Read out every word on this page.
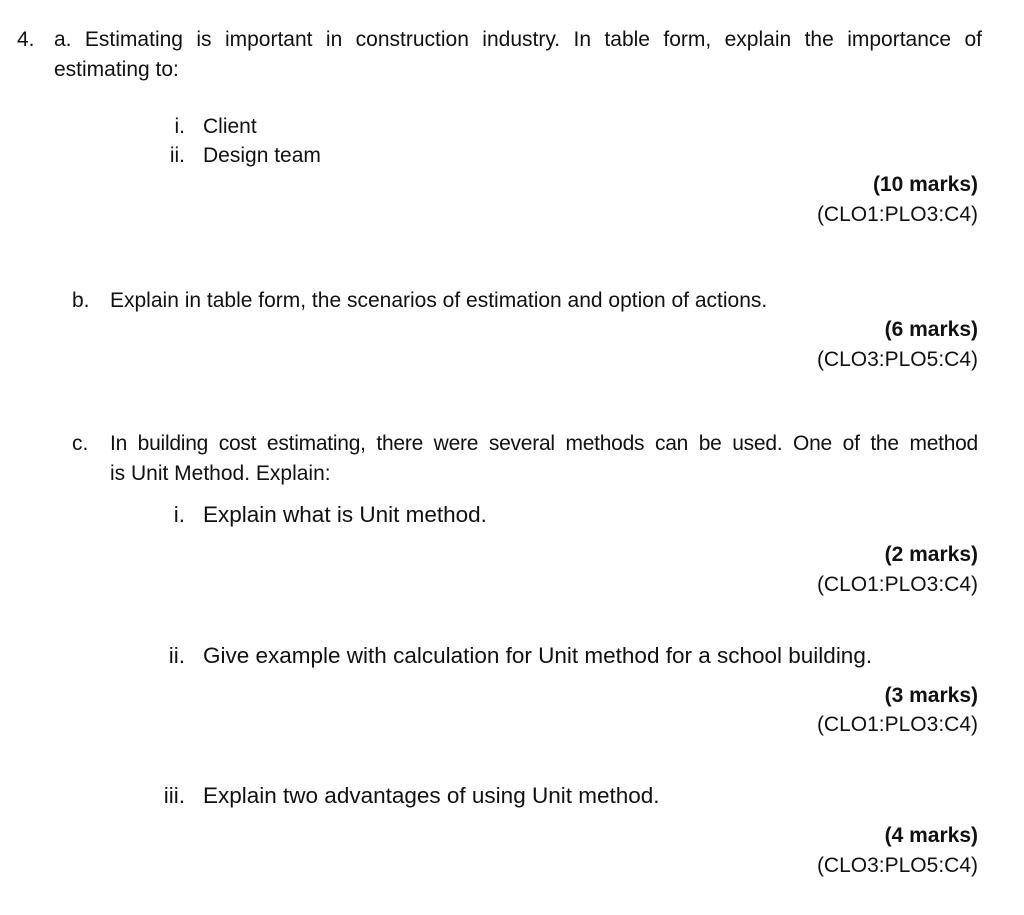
4. a. Estimating is important in construction industry. In table form, explain the importance of
estimating to:
i. Client
ii. Design team
(10 marks)
(CLO1:PLO3:C4)
b. Explain in table form, the scenarios of estimation and option of actions.
(6 marks)
(CLO3:PLO5:C4)
c. In building cost estimating, there were several methods can be used. One of the method
is Unit Method. Explain:
i. Explain what is Unit method.
(2 marks)
(CLO1:PLO3:C4)
ii. Give example with calculation for Unit method for a school building.
(3 marks)
(CLO1:PLO3:C4)
iii. Explain two advantages of using Unit method.
(4 marks)
(CLO3:PLO5:C4)
